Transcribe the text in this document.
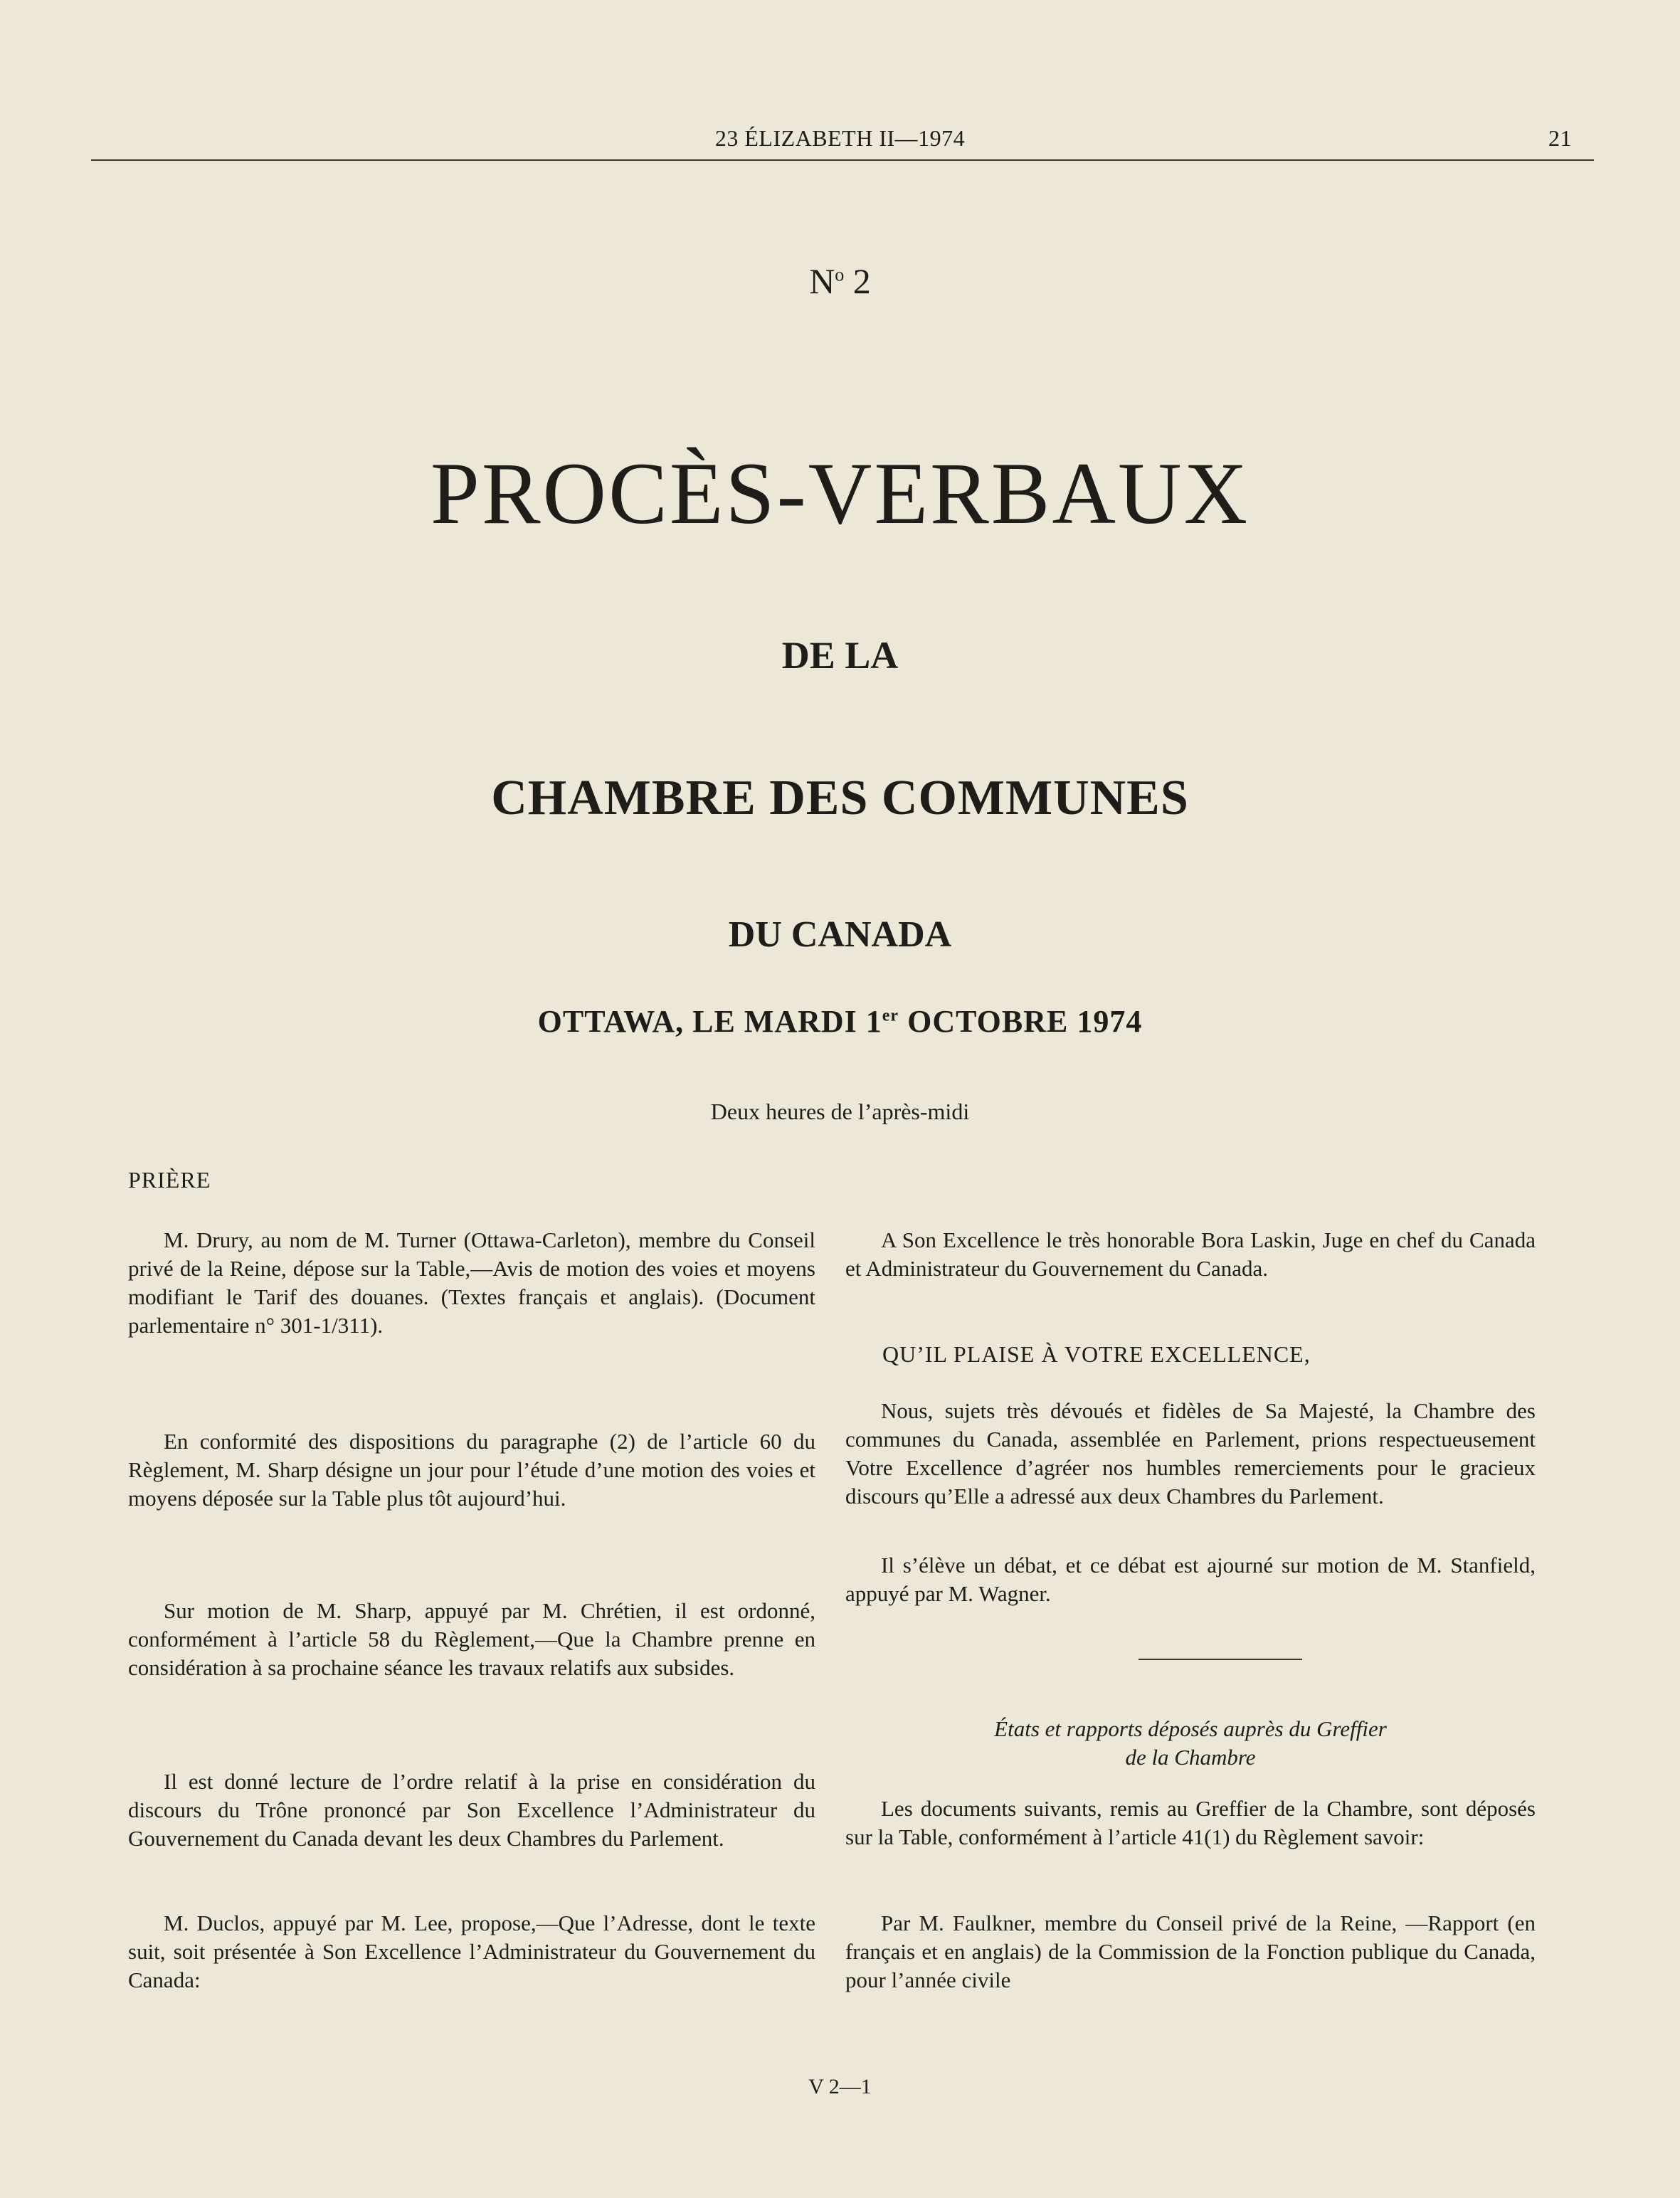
23 ÉLIZABETH II—1974	21
$N^o$ 2
PROCÈS-VERBAUX
DE LA
CHAMBRE DES COMMUNES
DU CANADA
OTTAWA, LE MARDI 1er OCTOBRE 1974
Deux heures de l’après-midi
PRIÈRE

M. Drury, au nom de M. Turner (Ottawa-Carleton), membre du Conseil privé de la Reine, dépose sur la Table,—Avis de motion des voies et moyens modifiant le Tarif des douanes. (Textes français et anglais). (Document parlementaire n° 301-1/311).

En conformité des dispositions du paragraphe (2) de l’article 60 du Règlement, M. Sharp désigne un jour pour l’étude d’une motion des voies et moyens déposée sur la Table plus tôt aujourd’hui.

Sur motion de M. Sharp, appuyé par M. Chrétien, il est ordonné, conformément à l’article 58 du Règlement,—Que la Chambre prenne en considération à sa prochaine séance les travaux relatifs aux subsides.

Il est donné lecture de l’ordre relatif à la prise en considération du discours du Trône prononcé par Son Excellence l’Administrateur du Gouvernement du Canada devant les deux Chambres du Parlement.

M. Duclos, appuyé par M. Lee, propose,—Que l’Adresse, dont le texte suit, soit présentée à Son Excellence l’Administrateur du Gouvernement du Canada:

A Son Excellence le très honorable Bora Laskin, Juge en chef du Canada et Administrateur du Gouvernement du Canada.

QU’IL PLAISE À VOTRE EXCELLENCE,

Nous, sujets très dévoués et fidèles de Sa Majesté, la Chambre des communes du Canada, assemblée en Parlement, prions respectueusement Votre Excellence d’agréer nos humbles remerciements pour le gracieux discours qu’Elle a adressé aux deux Chambres du Parlement.

Il s’élève un débat, et ce débat est ajourné sur motion de M. Stanfield, appuyé par M. Wagner.

États et rapports déposés auprès du Greffier
de la Chambre

Les documents suivants, remis au Greffier de la Chambre, sont déposés sur la Table, conformément à l’article 41(1) du Règlement savoir:

Par M. Faulkner, membre du Conseil privé de la Reine, —Rapport (en français et en anglais) de la Commission de la Fonction publique du Canada, pour l’année civile

V 2—1
